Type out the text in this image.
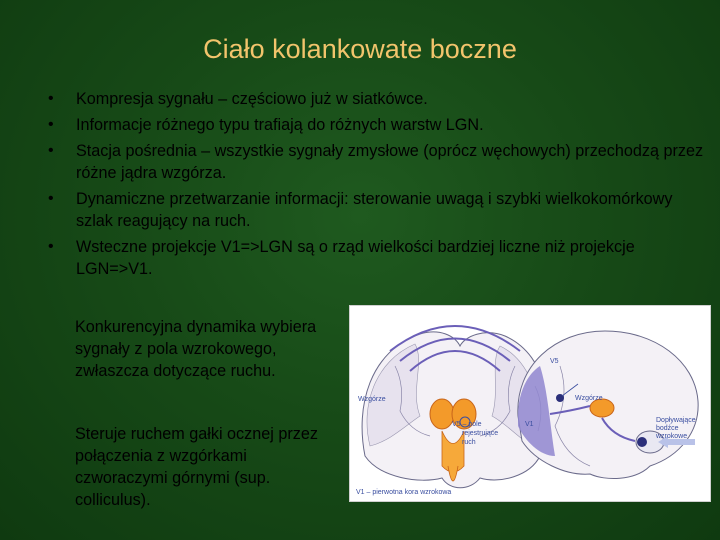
Ciało kolankowate boczne
• Kompresja sygnału – częściowo już w siatkówce.
• Informacje różnego typu trafiają do różnych warstw LGN.
• Stacja pośrednia – wszystkie sygnały zmysłowe (oprócz węchowych) przechodzą przez różne jądra wzgórza.
• Dynamiczne przetwarzanie informacji: sterowanie uwagą i szybki wielkokomórkowy szlak reagujący na ruch.
• Wsteczne projekcje V1=>LGN są o rząd wielkości bardziej liczne niż projekcje LGN=>V1.
Konkurencyjna dynamika wybiera sygnały z pola wzrokowego, zwłaszcza dotyczące ruchu.
Steruje ruchem gałki ocznej przez połączenia z wzgórkami czworaczymi górnymi (sup. colliculus).
Wzgórze
V5 – pole
rejestrujące
ruch
V5
V1
Wzgórze
Dopływające
bodźce
wzrokowe
V1 – pierwotna kora wzrokowa
